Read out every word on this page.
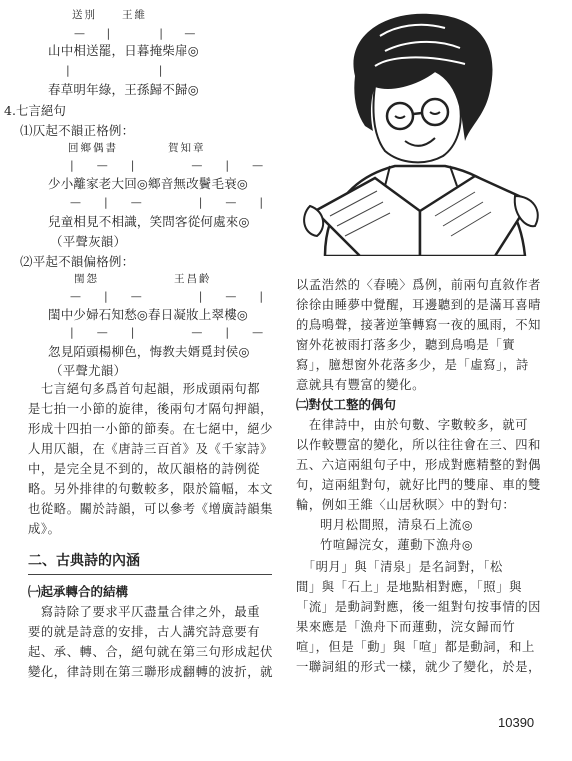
送別　　王維
— |　　| —
山中相送罷，日暮掩柴扉◎
|　　　　|
春草明年綠，王孫歸不歸◎
4.七言絕句
⑴仄起不韻正格例：
回鄉偶書　　　　賀知章
|　—　|　　　—　|　—
少小離家老大回◎鄉音無改鬢毛衰◎
—　|　—　　　|　—　|
兒童相見不相識，笑問客從何處來◎
（平聲灰韻）
⑵平起不韻偏格例：
閨怨　　　　　　王昌齡
—　|　—　　　|　—　|
閨中少婦石知愁◎春日凝妝上翠樓◎
|　—　|　　　—　|　—
忽見陌頭楊柳色，悔教夫婿覓封侯◎
（平聲尤韻）
　七言絕句多爲首句起韻，形成頭兩句都
是七拍一小節的旋律，後兩句才隔句押韻，
形成十四拍一小節的節奏。在七絕中，絕少
人用仄韻，在《唐詩三百首》及《千家詩》
中，是完全見不到的，故仄韻格的詩例從
略。另外排律的句數較多，限於篇幅，本文
也從略。關於詩韻，可以參考《增廣詩韻集
成》。
二、古典詩的內涵
㈠起承轉合的結構
　寫詩除了要求平仄盡量合律之外，最重
要的就是詩意的安排，古人講究詩意要有
起、承、轉、合，絕句就在第三句形成起伏
變化，律詩則在第三聯形成翻轉的波折，就
以孟浩然的〈春曉〉爲例，前兩句直敘作者
徐徐由睡夢中覺醒，耳邊聽到的是滿耳喜晴
的鳥鳴聲，接著逆筆轉寫一夜的風雨，不知
窗外花被雨打落多少，聽到鳥鳴是「實
寫」，臆想窗外花落多少，是「虛寫」，詩
意就具有豐富的變化。
㈡對仗工整的偶句
　在律詩中，由於句數、字數較多，就可
以作較豐富的變化，所以往往會在三、四和
五、六這兩組句子中，形成對應精整的對偶
句，這兩組對句，就好比門的雙扉、車的雙
輪，例如王維〈山居秋暝〉中的對句：
明月松間照，清泉石上流◎
竹喧歸浣女，蓮動下漁舟◎
　「明月」與「清泉」是名詞對，「松
間」與「石上」是地點相對應，「照」與
「流」是動詞對應，後一組對句按事情的因
果來應是「漁舟下而蓮動，浣女歸而竹
喧」，但是「動」與「喧」都是動詞，和上
一聯詞組的形式一樣，就少了變化，於是，
10390
